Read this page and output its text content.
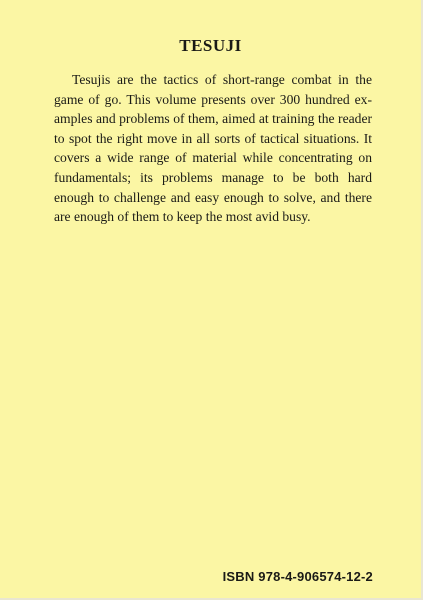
TESUJI

Tesujis are the tactics of short-range combat in the game of go. This volume presents over 300 hundred examples and problems of them, aimed at training the reader to spot the right move in all sorts of tactical situations. It covers a wide range of material while concentrating on fundamentals; its problems manage to be both hard enough to challenge and easy enough to solve, and there are enough of them to keep the most avid busy.

ISBN 978-4-906574-12-2
